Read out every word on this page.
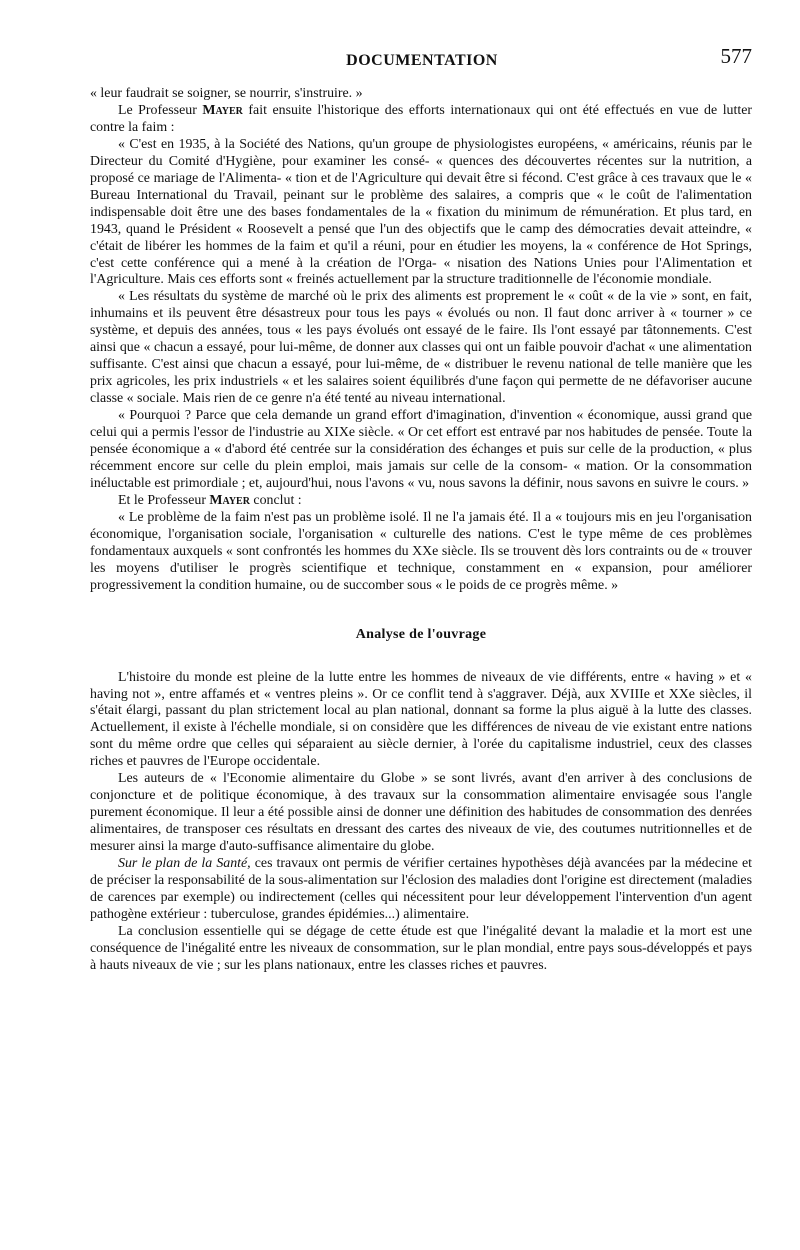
DOCUMENTATION	577

« leur faudrait se soigner, se nourrir, s'instruire. »

Le Professeur Mayer fait ensuite l'historique des efforts internationaux qui ont été effectués en vue de lutter contre la faim :

« C'est en 1935, à la Société des Nations, qu'un groupe de physiologistes européens, « américains, réunis par le Directeur du Comité d'Hygiène, pour examiner les consé- « quences des découvertes récentes sur la nutrition, a proposé ce mariage de l'Alimenta- « tion et de l'Agriculture qui devait être si fécond. C'est grâce à ces travaux que le « Bureau International du Travail, peinant sur le problème des salaires, a compris que « le coût de l'alimentation indispensable doit être une des bases fondamentales de la « fixation du minimum de rémunération. Et plus tard, en 1943, quand le Président « Roosevelt a pensé que l'un des objectifs que le camp des démocraties devait atteindre, « c'était de libérer les hommes de la faim et qu'il a réuni, pour en étudier les moyens, la « conférence de Hot Springs, c'est cette conférence qui a mené à la création de l'Orga- « nisation des Nations Unies pour l'Alimentation et l'Agriculture. Mais ces efforts sont « freinés actuellement par la structure traditionnelle de l'économie mondiale.

« Les résultats du système de marché où le prix des aliments est proprement le « coût « de la vie » sont, en fait, inhumains et ils peuvent être désastreux pour tous les pays « évolués ou non. Il faut donc arriver à « tourner » ce système, et depuis des années, tous « les pays évolués ont essayé de le faire. Ils l'ont essayé par tâtonnements. C'est ainsi que « chacun a essayé, pour lui-même, de donner aux classes qui ont un faible pouvoir d'achat « une alimentation suffisante. C'est ainsi que chacun a essayé, pour lui-même, de « distribuer le revenu national de telle manière que les prix agricoles, les prix industriels « et les salaires soient équilibrés d'une façon qui permette de ne défavoriser aucune classe « sociale. Mais rien de ce genre n'a été tenté au niveau international.

« Pourquoi ? Parce que cela demande un grand effort d'imagination, d'invention « économique, aussi grand que celui qui a permis l'essor de l'industrie au XIXe siècle. « Or cet effort est entravé par nos habitudes de pensée. Toute la pensée économique a « d'abord été centrée sur la considération des échanges et puis sur celle de la production, « plus récemment encore sur celle du plein emploi, mais jamais sur celle de la consom- « mation. Or la consommation inéluctable est primordiale ; et, aujourd'hui, nous l'avons « vu, nous savons la définir, nous savons en suivre le cours. »

Et le Professeur Mayer conclut :

« Le problème de la faim n'est pas un problème isolé. Il ne l'a jamais été. Il a « toujours mis en jeu l'organisation économique, l'organisation sociale, l'organisation « culturelle des nations. C'est le type même de ces problèmes fondamentaux auxquels « sont confrontés les hommes du XXe siècle. Ils se trouvent dès lors contraints ou de « trouver les moyens d'utiliser le progrès scientifique et technique, constamment en « expansion, pour améliorer progressivement la condition humaine, ou de succomber sous « le poids de ce progrès même. »

Analyse de l'ouvrage

L'histoire du monde est pleine de la lutte entre les hommes de niveaux de vie différents, entre « having » et « having not », entre affamés et « ventres pleins ». Or ce conflit tend à s'aggraver. Déjà, aux XVIIIe et XXe siècles, il s'était élargi, passant du plan strictement local au plan national, donnant sa forme la plus aiguë à la lutte des classes. Actuellement, il existe à l'échelle mondiale, si on considère que les différences de niveau de vie existant entre nations sont du même ordre que celles qui séparaient au siècle dernier, à l'orée du capitalisme industriel, ceux des classes riches et pauvres de l'Europe occidentale.

Les auteurs de « l'Economie alimentaire du Globe » se sont livrés, avant d'en arriver à des conclusions de conjoncture et de politique économique, à des travaux sur la consommation alimentaire envisagée sous l'angle purement économique. Il leur a été possible ainsi de donner une définition des habitudes de consommation des denrées alimentaires, de transposer ces résultats en dressant des cartes des niveaux de vie, des coutumes nutritionnelles et de mesurer ainsi la marge d'auto-suffisance alimentaire du globe.

Sur le plan de la Santé, ces travaux ont permis de vérifier certaines hypothèses déjà avancées par la médecine et de préciser la responsabilité de la sous-alimentation sur l'éclosion des maladies dont l'origine est directement (maladies de carences par exemple) ou indirectement (celles qui nécessitent pour leur développement l'intervention d'un agent pathogène extérieur : tuberculose, grandes épidémies...) alimentaire.

La conclusion essentielle qui se dégage de cette étude est que l'inégalité devant la maladie et la mort est une conséquence de l'inégalité entre les niveaux de consommation, sur le plan mondial, entre pays sous-développés et pays à hauts niveaux de vie ; sur les plans nationaux, entre les classes riches et pauvres.
